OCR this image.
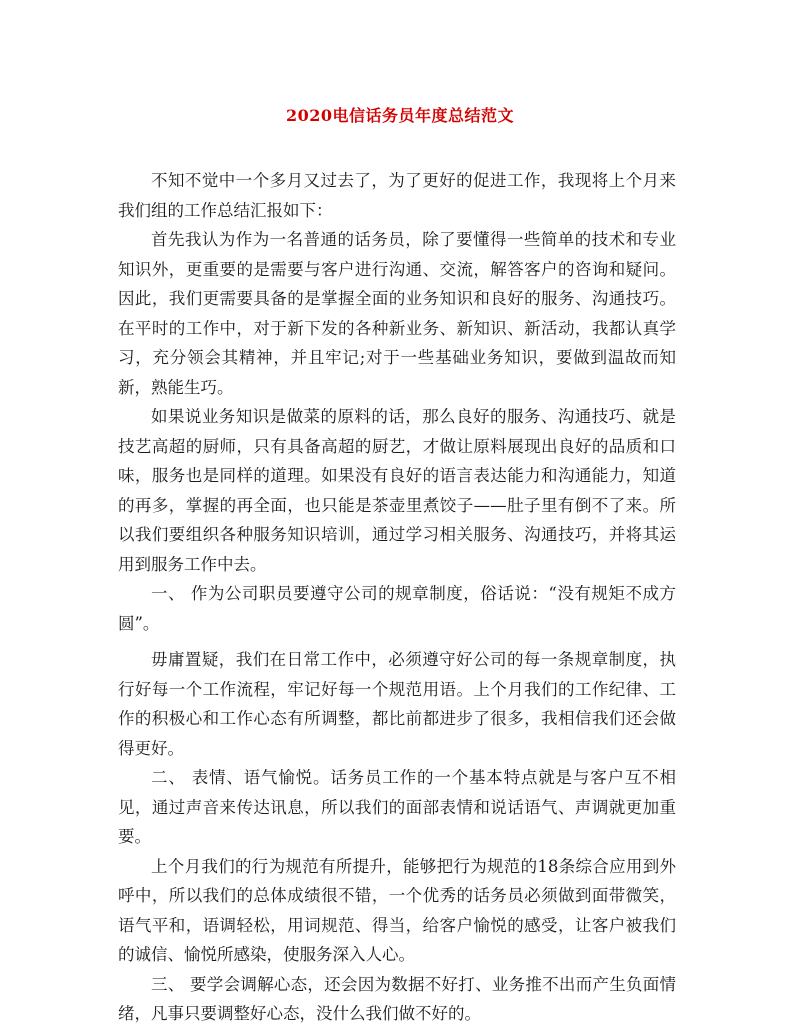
2020电信话务员年度总结范文

不知不觉中一个多月又过去了，为了更好的促进工作，我现将上个月来我们组的工作总结汇报如下：

首先我认为作为一名普通的话务员，除了要懂得一些简单的技术和专业知识外，更重要的是需要与客户进行沟通、交流，解答客户的咨询和疑问。因此，我们更需要具备的是掌握全面的业务知识和良好的服务、沟通技巧。在平时的工作中，对于新下发的各种新业务、新知识、新活动，我都认真学习，充分领会其精神，并且牢记;对于一些基础业务知识，要做到温故而知新，熟能生巧。

如果说业务知识是做菜的原料的话，那么良好的服务、沟通技巧、就是技艺高超的厨师，只有具备高超的厨艺，才做让原料展现出良好的品质和口味，服务也是同样的道理。如果没有良好的语言表达能力和沟通能力，知道的再多，掌握的再全面，也只能是茶壶里煮饺子——肚子里有倒不了来。所以我们要组织各种服务知识培训，通过学习相关服务、沟通技巧，并将其运用到服务工作中去。

一、 作为公司职员要遵守公司的规章制度，俗话说：“没有规矩不成方圆”。

毋庸置疑，我们在日常工作中，必须遵守好公司的每一条规章制度，执行好每一个工作流程，牢记好每一个规范用语。上个月我们的工作纪律、工作的积极心和工作心态有所调整，都比前都进步了很多，我相信我们还会做得更好。

二、 表情、语气愉悦。话务员工作的一个基本特点就是与客户互不相见，通过声音来传达讯息，所以我们的面部表情和说话语气、声调就更加重要。

上个月我们的行为规范有所提升，能够把行为规范的18条综合应用到外呼中，所以我们的总体成绩很不错，一个优秀的话务员必须做到面带微笑，语气平和，语调轻松，用词规范、得当，给客户愉悦的感受，让客户被我们的诚信、愉悦所感染，使服务深入人心。

三、 要学会调解心态，还会因为数据不好打、业务推不出而产生负面情绪，凡事只要调整好心态，没什么我们做不好的。
